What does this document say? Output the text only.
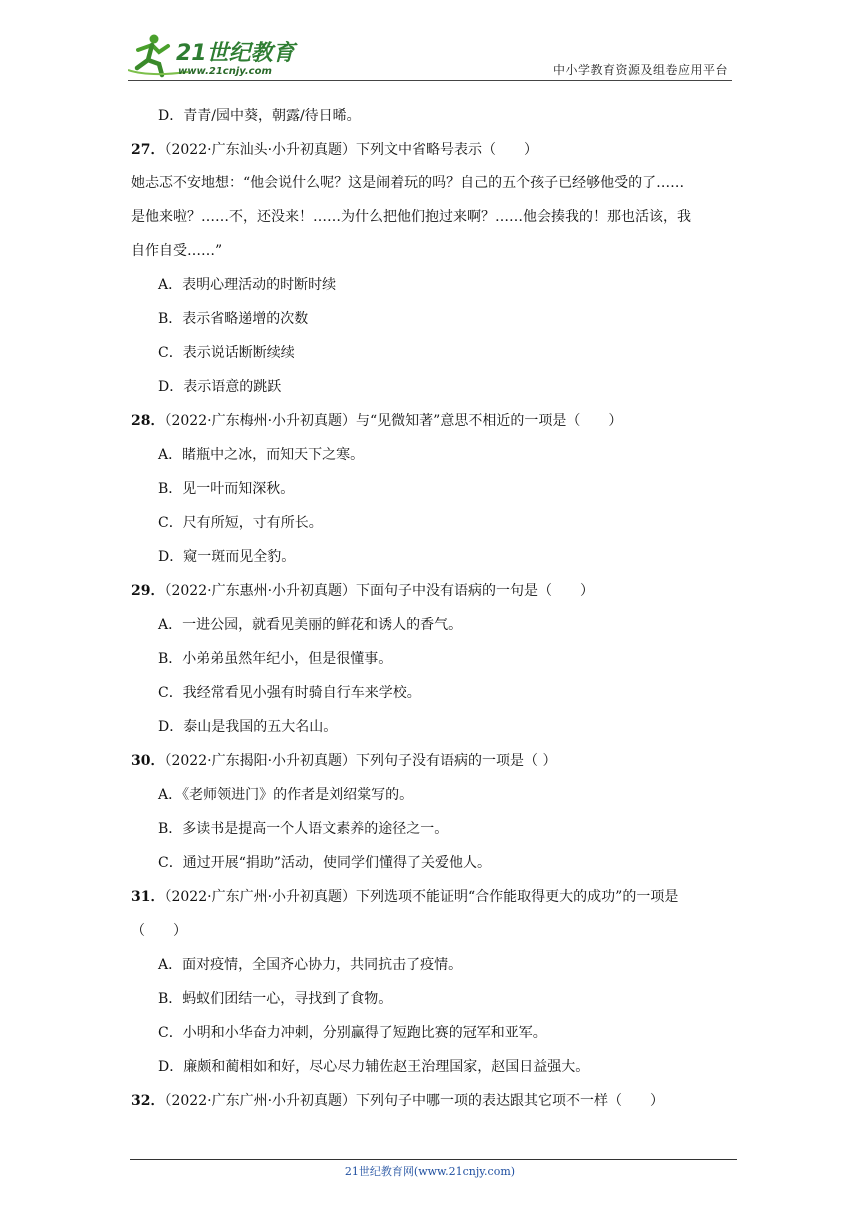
21世纪教育
www.21cnjy.com	中小学教育资源及组卷应用平台
D．青青/园中葵，朝露/待日晞。
27．（2022·广东汕头·小升初真题）下列文中省略号表示（　　）
她忐忑不安地想：“他会说什么呢？这是闹着玩的吗？自己的五个孩子已经够他受的了……
是他来啦？……不，还没来！……为什么把他们抱过来啊？……他会揍我的！那也活该，我
自作自受……”
A．表明心理活动的时断时续
B．表示省略递增的次数
C．表示说话断断续续
D．表示语意的跳跃
28．（2022·广东梅州·小升初真题）与“见微知著”意思不相近的一项是（　　）
A．睹瓶中之冰，而知天下之寒。
B．见一叶而知深秋。
C．尺有所短，寸有所长。
D．窥一斑而见全豹。
29．（2022·广东惠州·小升初真题）下面句子中没有语病的一句是（　　）
A．一进公园，就看见美丽的鲜花和诱人的香气。
B．小弟弟虽然年纪小，但是很懂事。
C．我经常看见小强有时骑自行车来学校。
D．泰山是我国的五大名山。
30．（2022·广东揭阳·小升初真题）下列句子没有语病的一项是（ ）
A．《老师领进门》的作者是刘绍棠写的。
B．多读书是提高一个人语文素养的途径之一。
C．通过开展“捐助”活动，使同学们懂得了关爱他人。
31．（2022·广东广州·小升初真题）下列选项不能证明“合作能取得更大的成功”的一项是
（　　）
A．面对疫情，全国齐心协力，共同抗击了疫情。
B．蚂蚁们团结一心，寻找到了食物。
C．小明和小华奋力冲刺，分别赢得了短跑比赛的冠军和亚军。
D．廉颇和蔺相如和好，尽心尽力辅佐赵王治理国家，赵国日益强大。
32．（2022·广东广州·小升初真题）下列句子中哪一项的表达跟其它项不一样（　　）
21世纪教育网(www.21cnjy.com)
